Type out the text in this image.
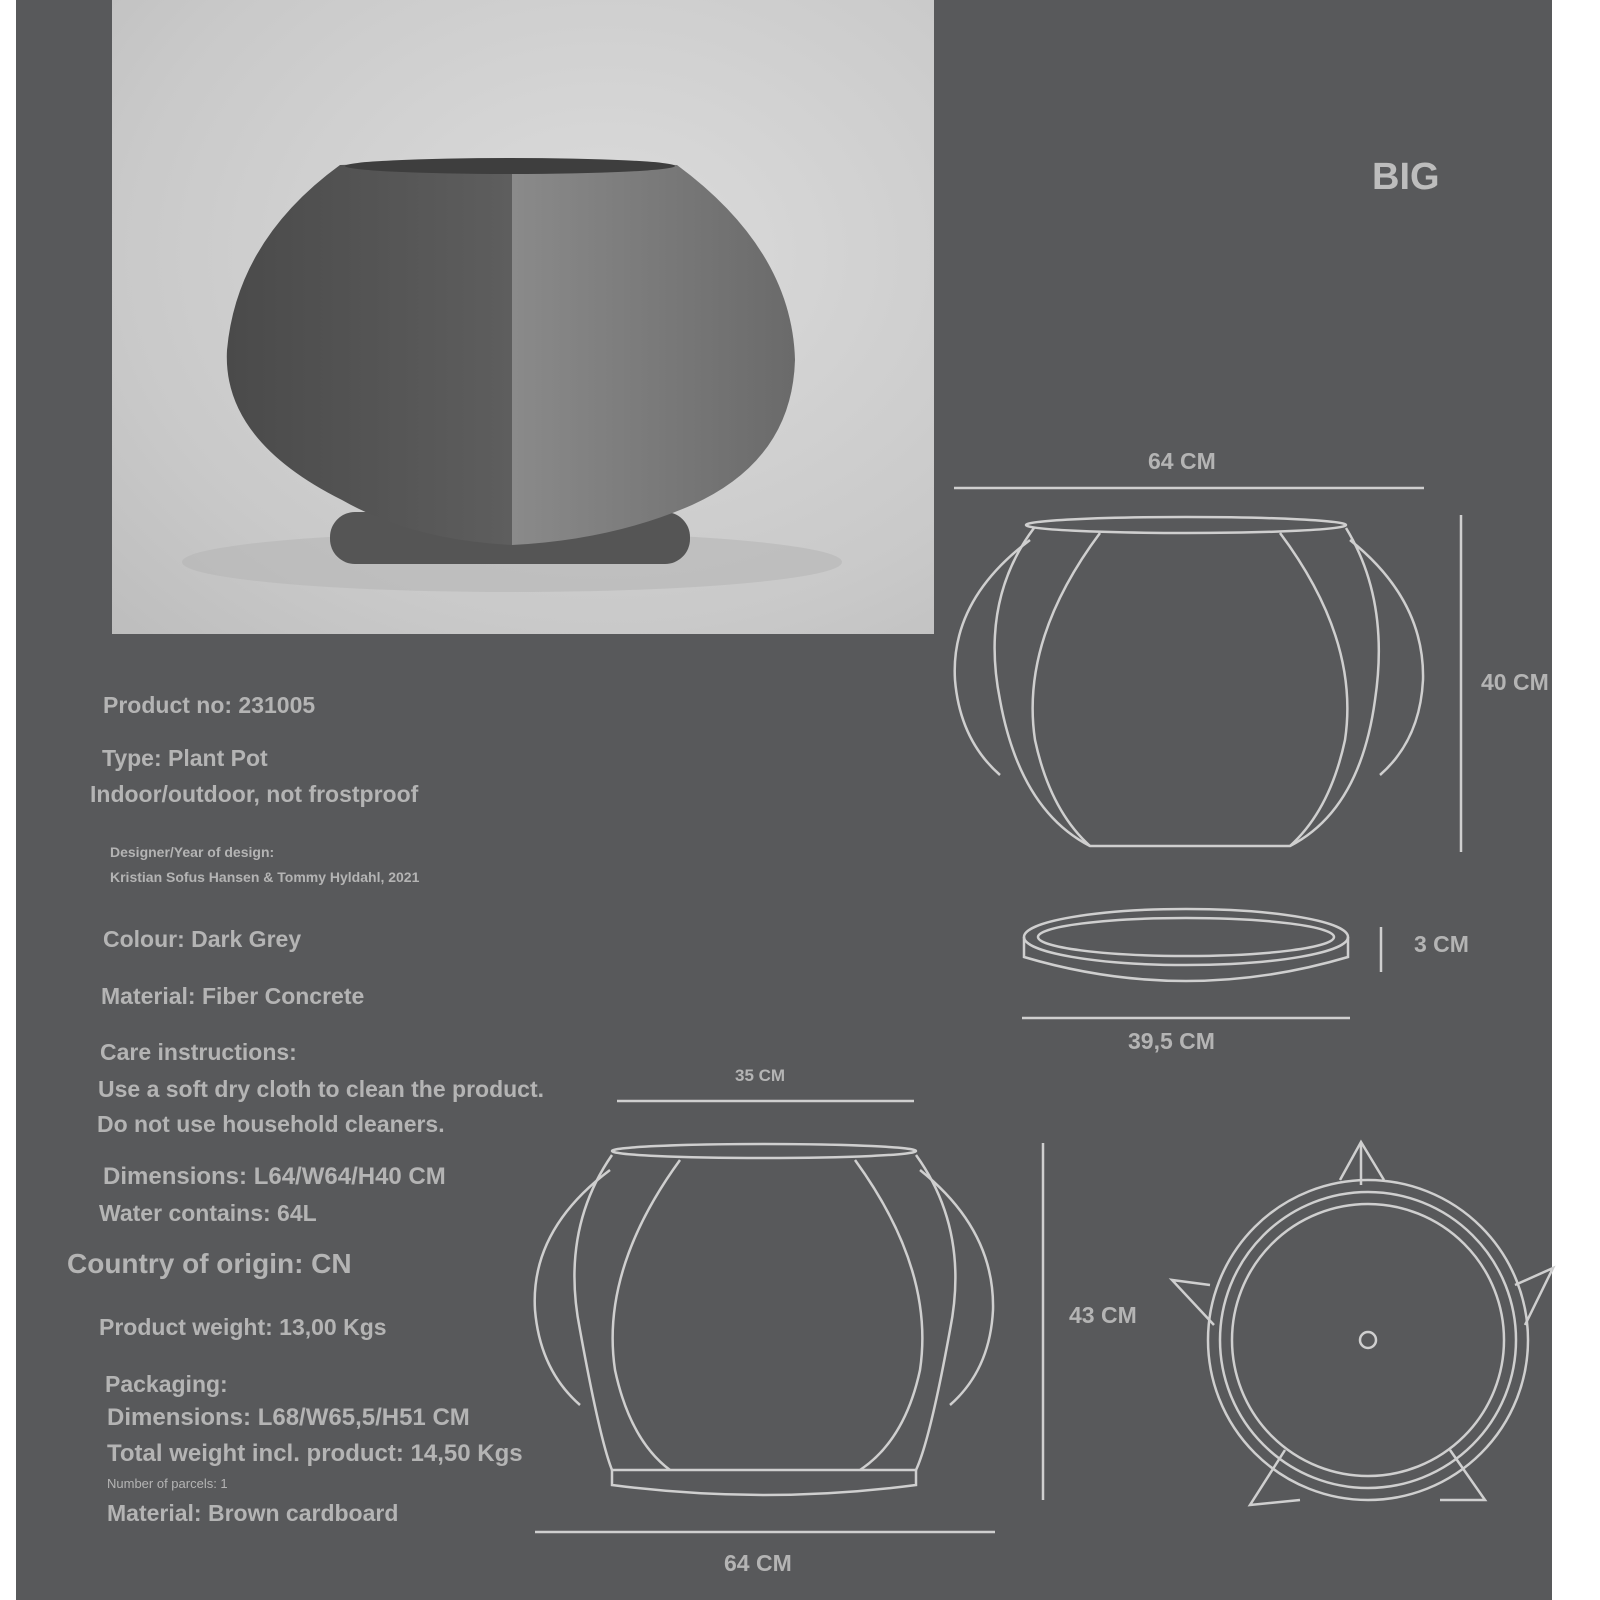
BIG
64 CM
40 CM
3 CM
39,5 CM
35 CM
43 CM
64 CM
Product no: 231005
Type: Plant Pot
Indoor/outdoor, not frostproof
Designer/Year of design:
Kristian Sofus Hansen & Tommy Hyldahl, 2021
Colour: Dark Grey
Material: Fiber Concrete
Care instructions:
Use a soft dry cloth to clean the product.
Do not use household cleaners.
Dimensions: L64/W64/H40 CM
Water contains: 64L
Country of origin: CN
Product weight: 13,00 Kgs
Packaging:
Dimensions: L68/W65,5/H51 CM
Total weight incl. product: 14,50 Kgs
Number of parcels: 1
Material: Brown cardboard
